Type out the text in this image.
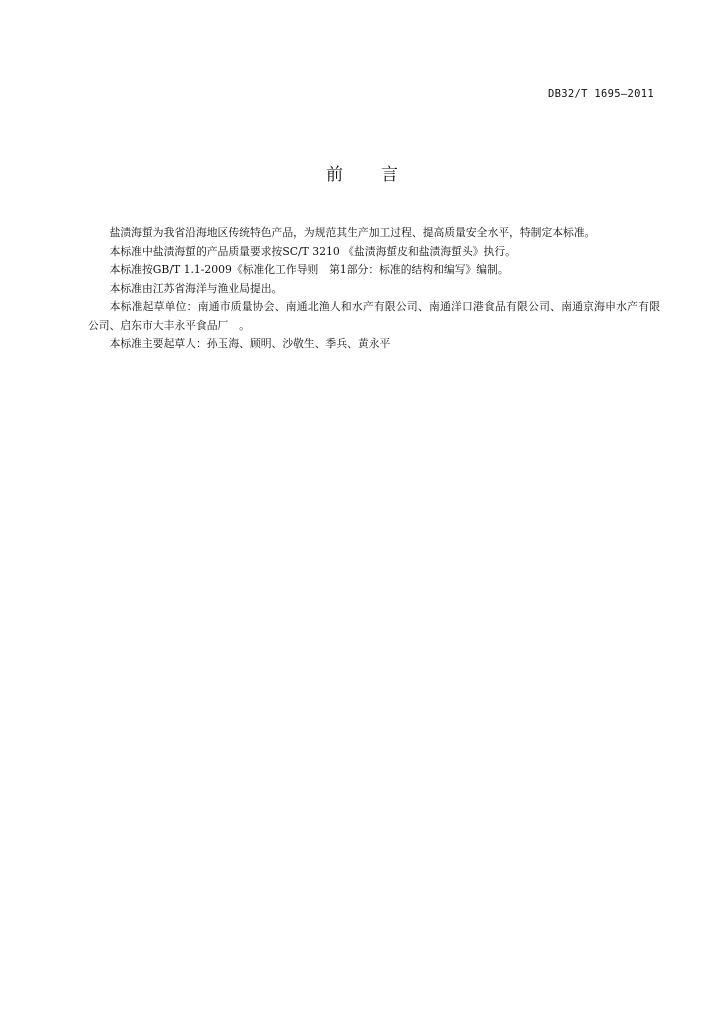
DB32/T 1695—2011
前言

盐渍海蜇为我省沿海地区传统特色产品，为规范其生产加工过程、提高质量安全水平，特制定本标准。

本标准中盐渍海蜇的产品质量要求按SC/T 3210 《盐渍海蜇皮和盐渍海蜇头》执行。

本标准按GB/T 1.1-2009《标准化工作导则　第1部分：标准的结构和编写》编制。

本标准由江苏省海洋与渔业局提出。

本标准起草单位：南通市质量协会、南通北渔人和水产有限公司、南通洋口港食品有限公司、南通京海申水产有限公司、启东市大丰永平食品厂　。

本标准主要起草人：孙玉海、顾明、沙敬生、季兵、黄永平
